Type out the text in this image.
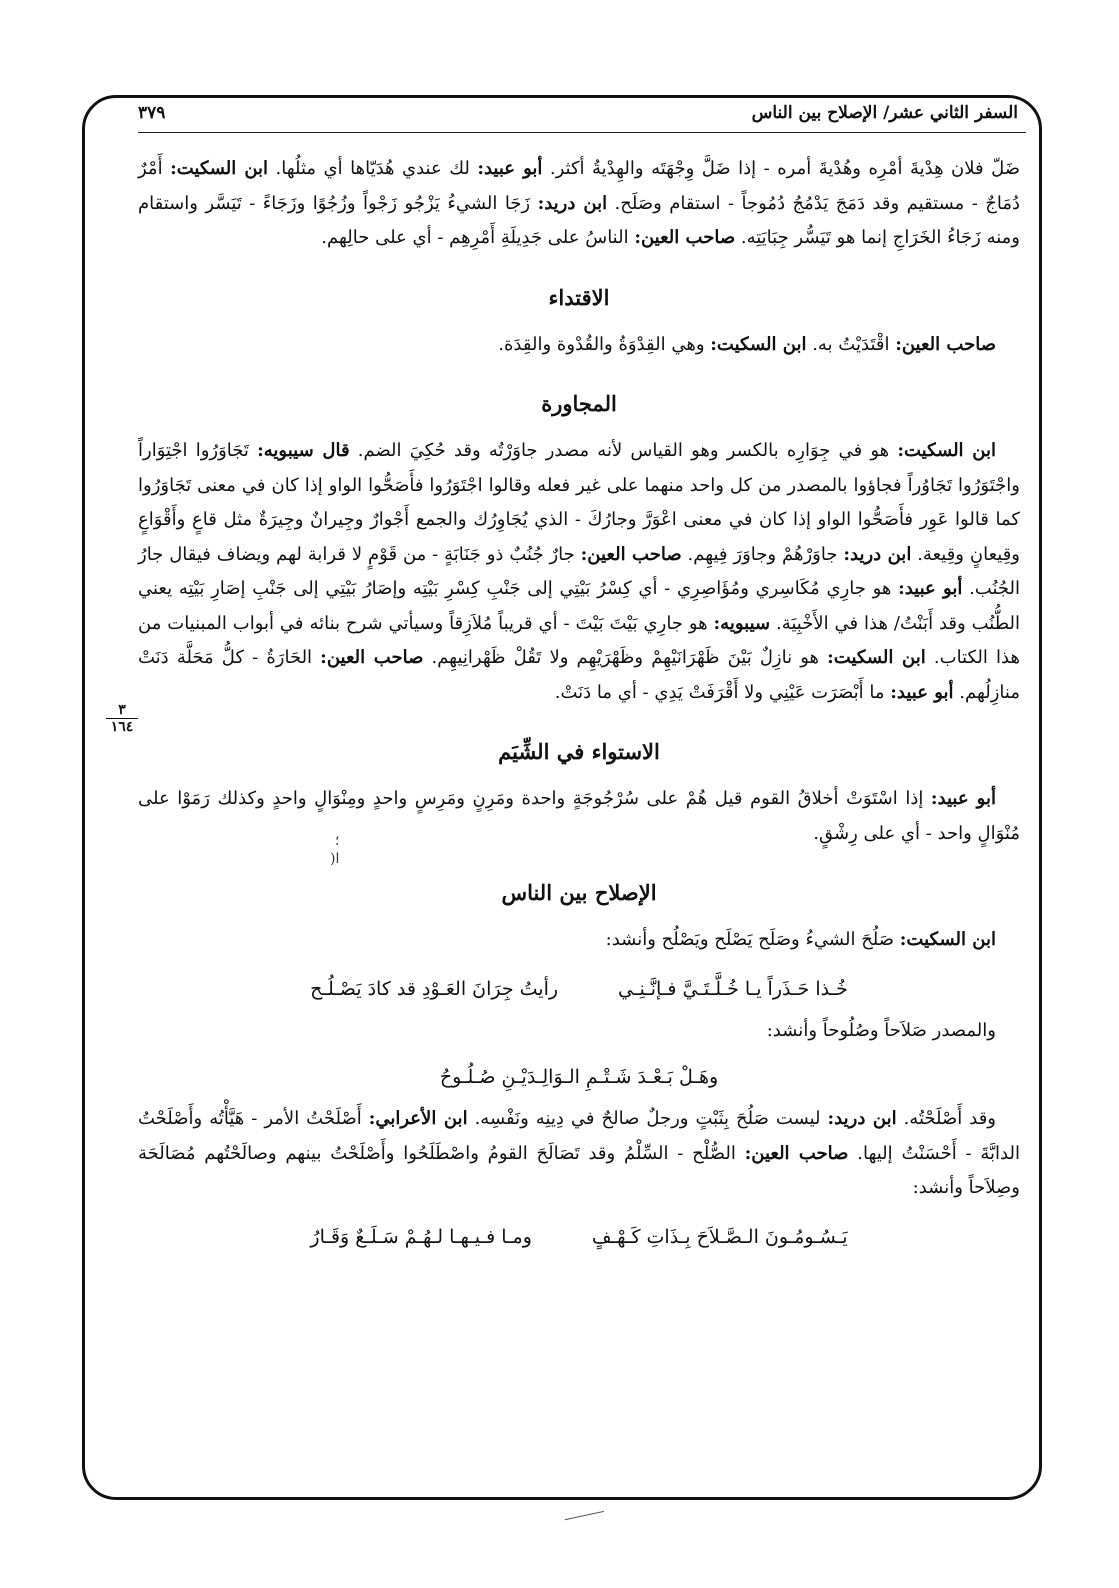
السفر الثاني عشر/ الإصلاح بين الناس
٣٧٩
٣
١٦٤
؛
ا(

ضَلّ فلان هِدْيةَ أمْرِه وهُدْيةَ أمره - إذا ضَلَّ وِجْهَتَه والهِدْيةُ أكثر. أبو عبيد: لك عندي هُدَيّاها أي مثلُها. ابن السكيت: أَمْرٌ دُمَاجٌ - مستقيم وقد دَمَجَ يَدْمُجُ دُمُوجاً - استقام وصَلَح. ابن دريد: زَجَا الشيءُ يَزْجُو زَجْواً وزُجُوًا وزَجَاءً - تَيَسَّر واستقام ومنه زَجَاءُ الخَرَاجِ إنما هو تَيَسُّر جِبَايَتِه. صاحب العين: الناسُ على جَدِيلَةِ أَمْرِهِم - أي على حالِهم.

الاقتداء

صاحب العين: اقْتَدَيْتُ به. ابن السكيت: وهي القِدْوَةُ والقُدْوة والقِدَة.

المجاورة

ابن السكيت: هو في جِوَارِه بالكسر وهو القياس لأنه مصدر جاوَرْتُه وقد حُكِيَ الضم. قال سيبويه: تَجَاوَرُوا اجْتِوَاراً واجْتَوَرُوا تَجَاوُراً فجاؤوا بالمصدر من كل واحد منهما على غير فعله وقالوا اجْتَوَرُوا فأَصَحُّوا الواو إذا كان في معنى تَجَاوَرُوا كما قالوا عَوِر فأَصَحُّوا الواو إذا كان في معنى اعْوَرَّ وجارُكَ - الذي يُجَاوِرُك والجمع أَجْوارٌ وجِيرانٌ وجِيرَةٌ مثل قاعٍ وأَقْوَاعٍ وقِيعانٍ وقِيعة. ابن دريد: جاوَرْهُمْ وجاوَرَ فِيهِم. صاحب العين: جارٌ جُنُبٌ ذو جَنَابَةٍ - من قَوْمٍ لا قرابة لهم ويضاف فيقال جارُ الجُنُب. أبو عبيد: هو جارِي مُكَاسِري ومُؤَاصِرِي - أي كِسْرُ بَيْتِي إلى جَنْبِ كِسْرِ بَيْتِه وإصَارُ بَيْتِي إلى جَنْبِ إصَارِ بَيْتِه يعني الطُّنُب وقد أَبَنْتُ/ هذا في الأَخْبِيَة. سيبويه: هو جارِي بَيْتَ بَيْتَ - أي قريباً مُلاَزِقاً وسيأتي شرح بنائه في أبواب المبنيات من هذا الكتاب. ابن السكيت: هو نازِلٌ بَيْنَ ظَهْرَانَيْهِمْ وظَهْرَيْهِم ولا تَقُلْ ظَهْرانِيهِم. صاحب العين: الحَارَةُ - كلُّ مَحَلَّة دَنَتْ منازِلُهم. أبو عبيد: ما أَبْصَرَت عَيْنِي ولا أَقْرَفَتْ يَدِي - أي ما دَنَتْ.

الاستواء في الشِّيَم

أبو عبيد: إذا اسْتَوَتْ أخلاقُ القوم قيل هُمْ على سُرْجُوجَةٍ واحدة ومَرِنٍ ومَرِسٍ واحدٍ ومِنْوَالٍ واحدٍ وكذلك رَمَوْا على مُنْوَالٍ واحد - أي على رِشْقٍ.

الإصلاح بين الناس

ابن السكيت: صَلُحَ الشيءُ وصَلَح يَصْلَح ويَصْلُح وأنشد:

خُـذا حَـذَراً يـا خُـلَّـتَـيَّ فـإنَّـنِـي
رأيتُ جِرَانَ العَـوْدِ قد كادَ يَصْـلُـح

والمصدر صَلاَحاً وصُلُوحاً وأنشد:

وهَـلْ بَـعْـدَ شَـتْـمِ الـوَالِـدَيْـنِ صُـلُـوحُ

وقد أَصْلَحْتُه. ابن دريد: ليست صَلُحَ بِثَبْتٍ ورجلٌ صالحٌ في دِينِه ونَفْسِه. ابن الأعرابي: أَصْلَحْتُ الأمر - هَيَّأْتُه وأَصْلَحْتُ الدابَّةَ - أَحْسَنْتُ إليها. صاحب العين: الصُّلْح - السِّلْمُ وقد تَصَالَحَ القومُ واصْطَلَحُوا وأَصْلَحْتُ بينهم وصالَحْتُهم مُصَالَحَة وصِلاَحاً وأنشد:

يَـسُـومُـونَ الـصَّـلاَحَ بِـذَاتِ كَـهْـفٍ
ومـا فـيـهـا لـهُـمْ سَـلَـعٌ وَقَـارُ
